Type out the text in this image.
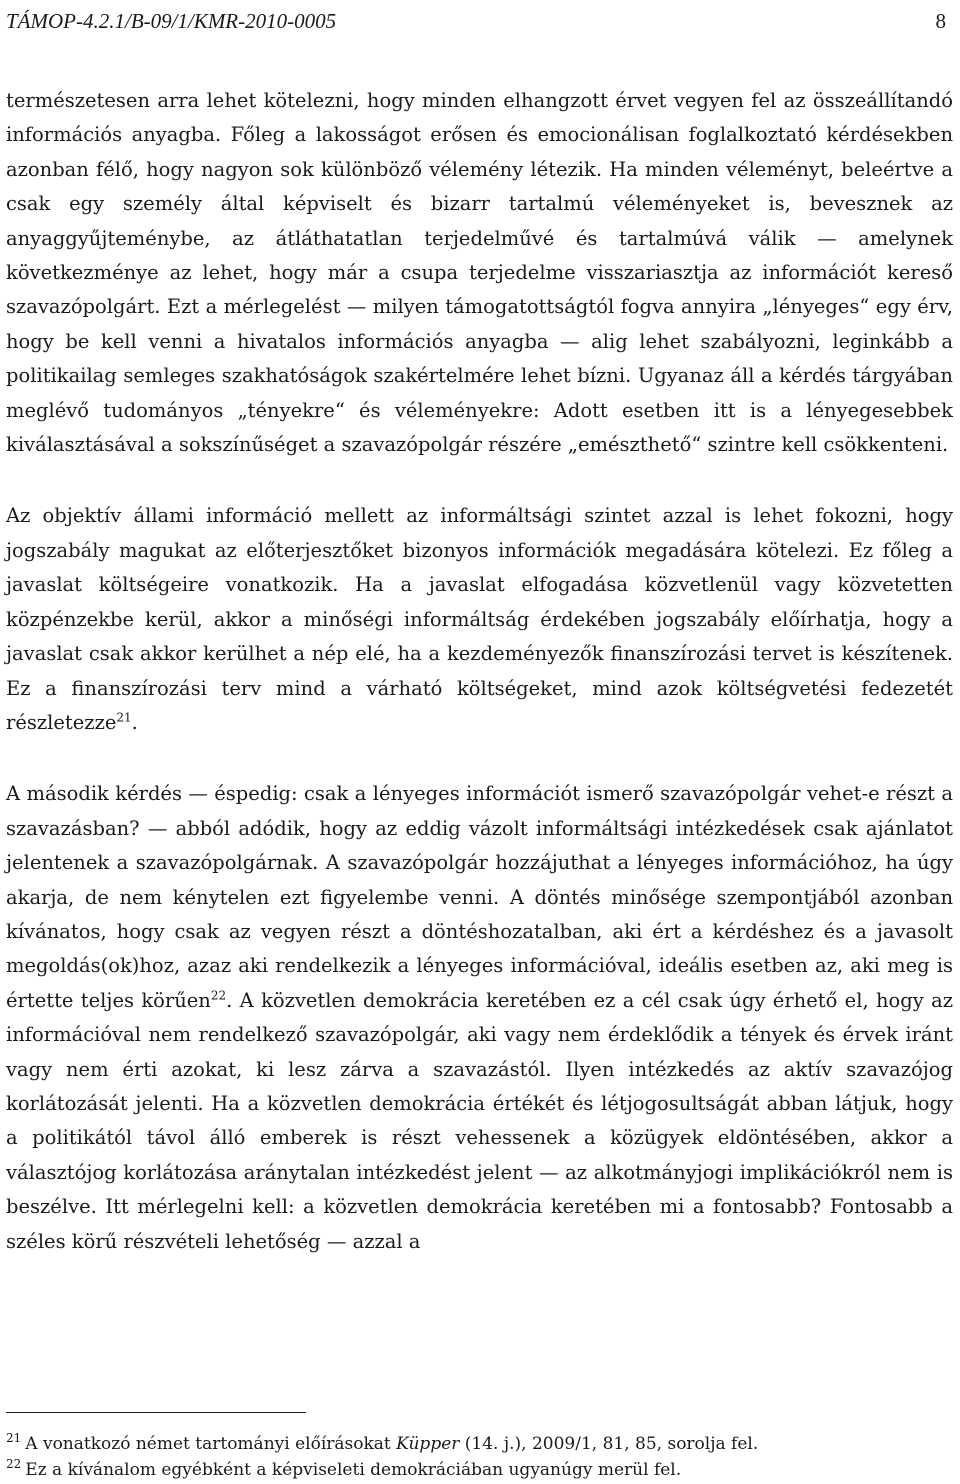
TÁMOP-4.2.1/B-09/1/KMR-2010-0005	8

természetesen arra lehet kötelezni, hogy minden elhangzott érvet vegyen fel az összeállítandó információs anyagba. Főleg a lakosságot erősen és emocionálisan foglalkoztató kérdésekben azonban félő, hogy nagyon sok különböző vélemény létezik. Ha minden véleményt, beleértve a csak egy személy által képviselt és bizarr tartalmú véleményeket is, bevesznek az anyaggyűjteménybe, az átláthatatlan terjedelművé és tartalmúvá válik — amelynek következménye az lehet, hogy már a csupa terjedelme visszariasztja az információt kereső szavazópolgárt. Ezt a mérlegelést — milyen támogatottságtól fogva annyira „lényeges“ egy érv, hogy be kell venni a hivatalos információs anyagba — alig lehet szabályozni, leginkább a politikailag semleges szakhatóságok szakértelmére lehet bízni. Ugyanaz áll a kérdés tárgyában meglévő tudományos „tényekre“ és véleményekre: Adott esetben itt is a lényegesebbek kiválasztásával a sokszínűséget a szavazópolgár részére „emészthető“ szintre kell csökkenteni.

Az objektív állami információ mellett az informáltsági szintet azzal is lehet fokozni, hogy jogszabály magukat az előterjesztőket bizonyos információk megadására kötelezi. Ez főleg a javaslat költségeire vonatkozik. Ha a javaslat elfogadása közvetlenül vagy közvetetten közpénzekbe kerül, akkor a minőségi informáltság érdekében jogszabály előírhatja, hogy a javaslat csak akkor kerülhet a nép elé, ha a kezdeményezők finanszírozási tervet is készítenek. Ez a finanszírozási terv mind a várható költségeket, mind azok költségvetési fedezetét részletezze$^{21}$.

A második kérdés — éspedig: csak a lényeges információt ismerő szavazópolgár vehet-e részt a szavazásban? — abból adódik, hogy az eddig vázolt informáltsági intézkedések csak ajánlatot jelentenek a szavazópolgárnak. A szavazópolgár hozzájuthat a lényeges információhoz, ha úgy akarja, de nem kénytelen ezt figyelembe venni. A döntés minősége szempontjából azonban kívánatos, hogy csak az vegyen részt a döntéshozatalban, aki ért a kérdéshez és a javasolt megoldás(ok)hoz, azaz aki rendelkezik a lényeges információval, ideális esetben az, aki meg is értette teljes körűen$^{22}$. A közvetlen demokrácia keretében ez a cél csak úgy érhető el, hogy az információval nem rendelkező szavazópolgár, aki vagy nem érdeklődik a tények és érvek iránt vagy nem érti azokat, ki lesz zárva a szavazástól. Ilyen intézkedés az aktív szavazójog korlátozását jelenti. Ha a közvetlen demokrácia értékét és létjogosultságát abban látjuk, hogy a politikától távol álló emberek is részt vehessenek a közügyek eldöntésében, akkor a választójog korlátozása aránytalan intézkedést jelent — az alkotmányjogi implikációkról nem is beszélve. Itt mérlegelni kell: a közvetlen demokrácia keretében mi a fontosabb? Fontosabb a széles körű részvételi lehetőség — azzal a

$^{21}$ A vonatkozó német tartományi előírásokat Küpper (14. j.), 2009/1, 81, 85, sorolja fel.

$^{22}$ Ez a kívánalom egyébként a képviseleti demokráciában ugyanúgy merül fel.
